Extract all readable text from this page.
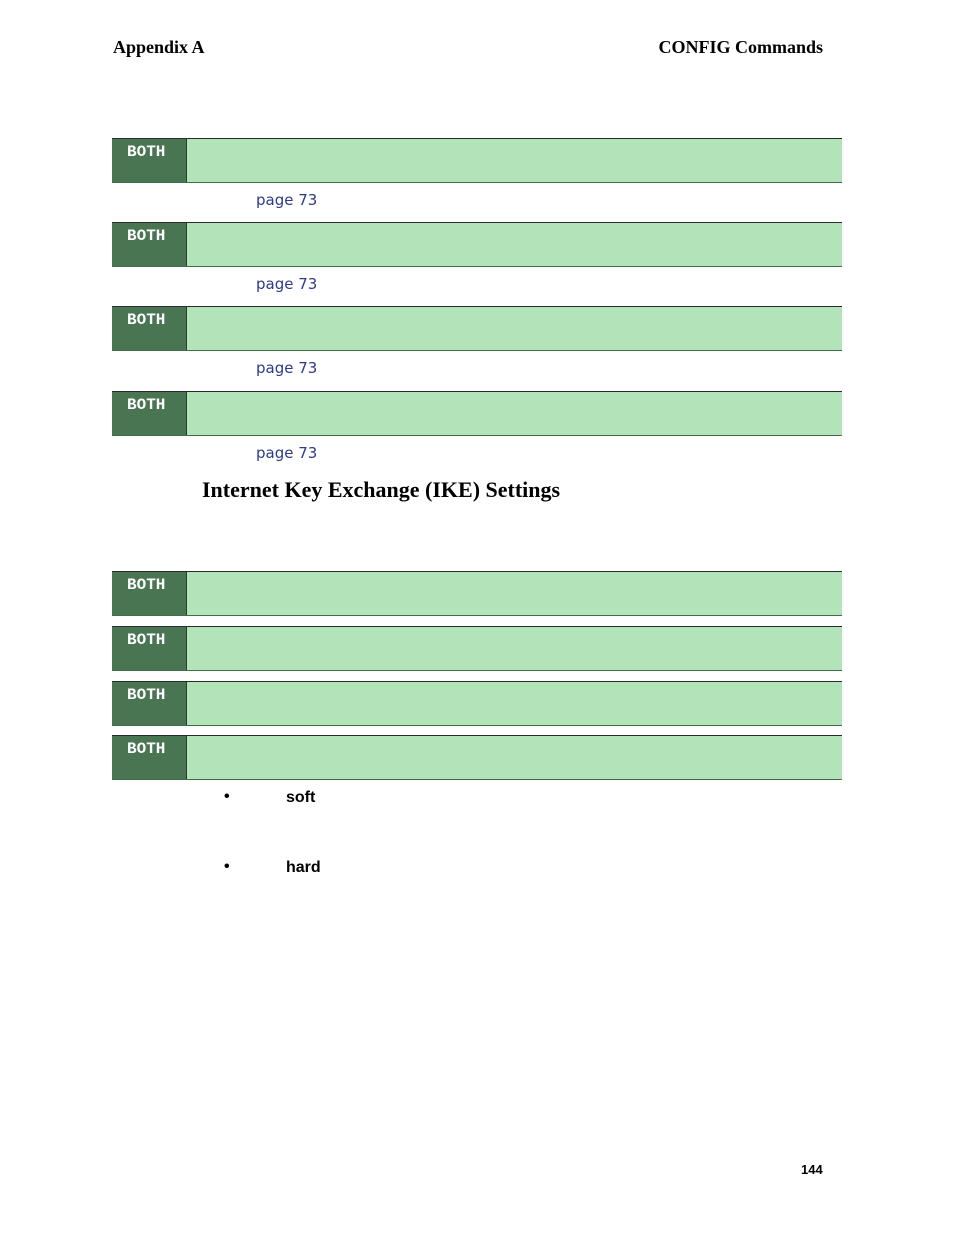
Appendix A	CONFIG Commands
BOTH
page 73
BOTH
page 73
BOTH
page 73
BOTH
page 73
Internet Key Exchange (IKE) Settings
BOTH
BOTH
BOTH
BOTH
•	soft
•	hard
144
